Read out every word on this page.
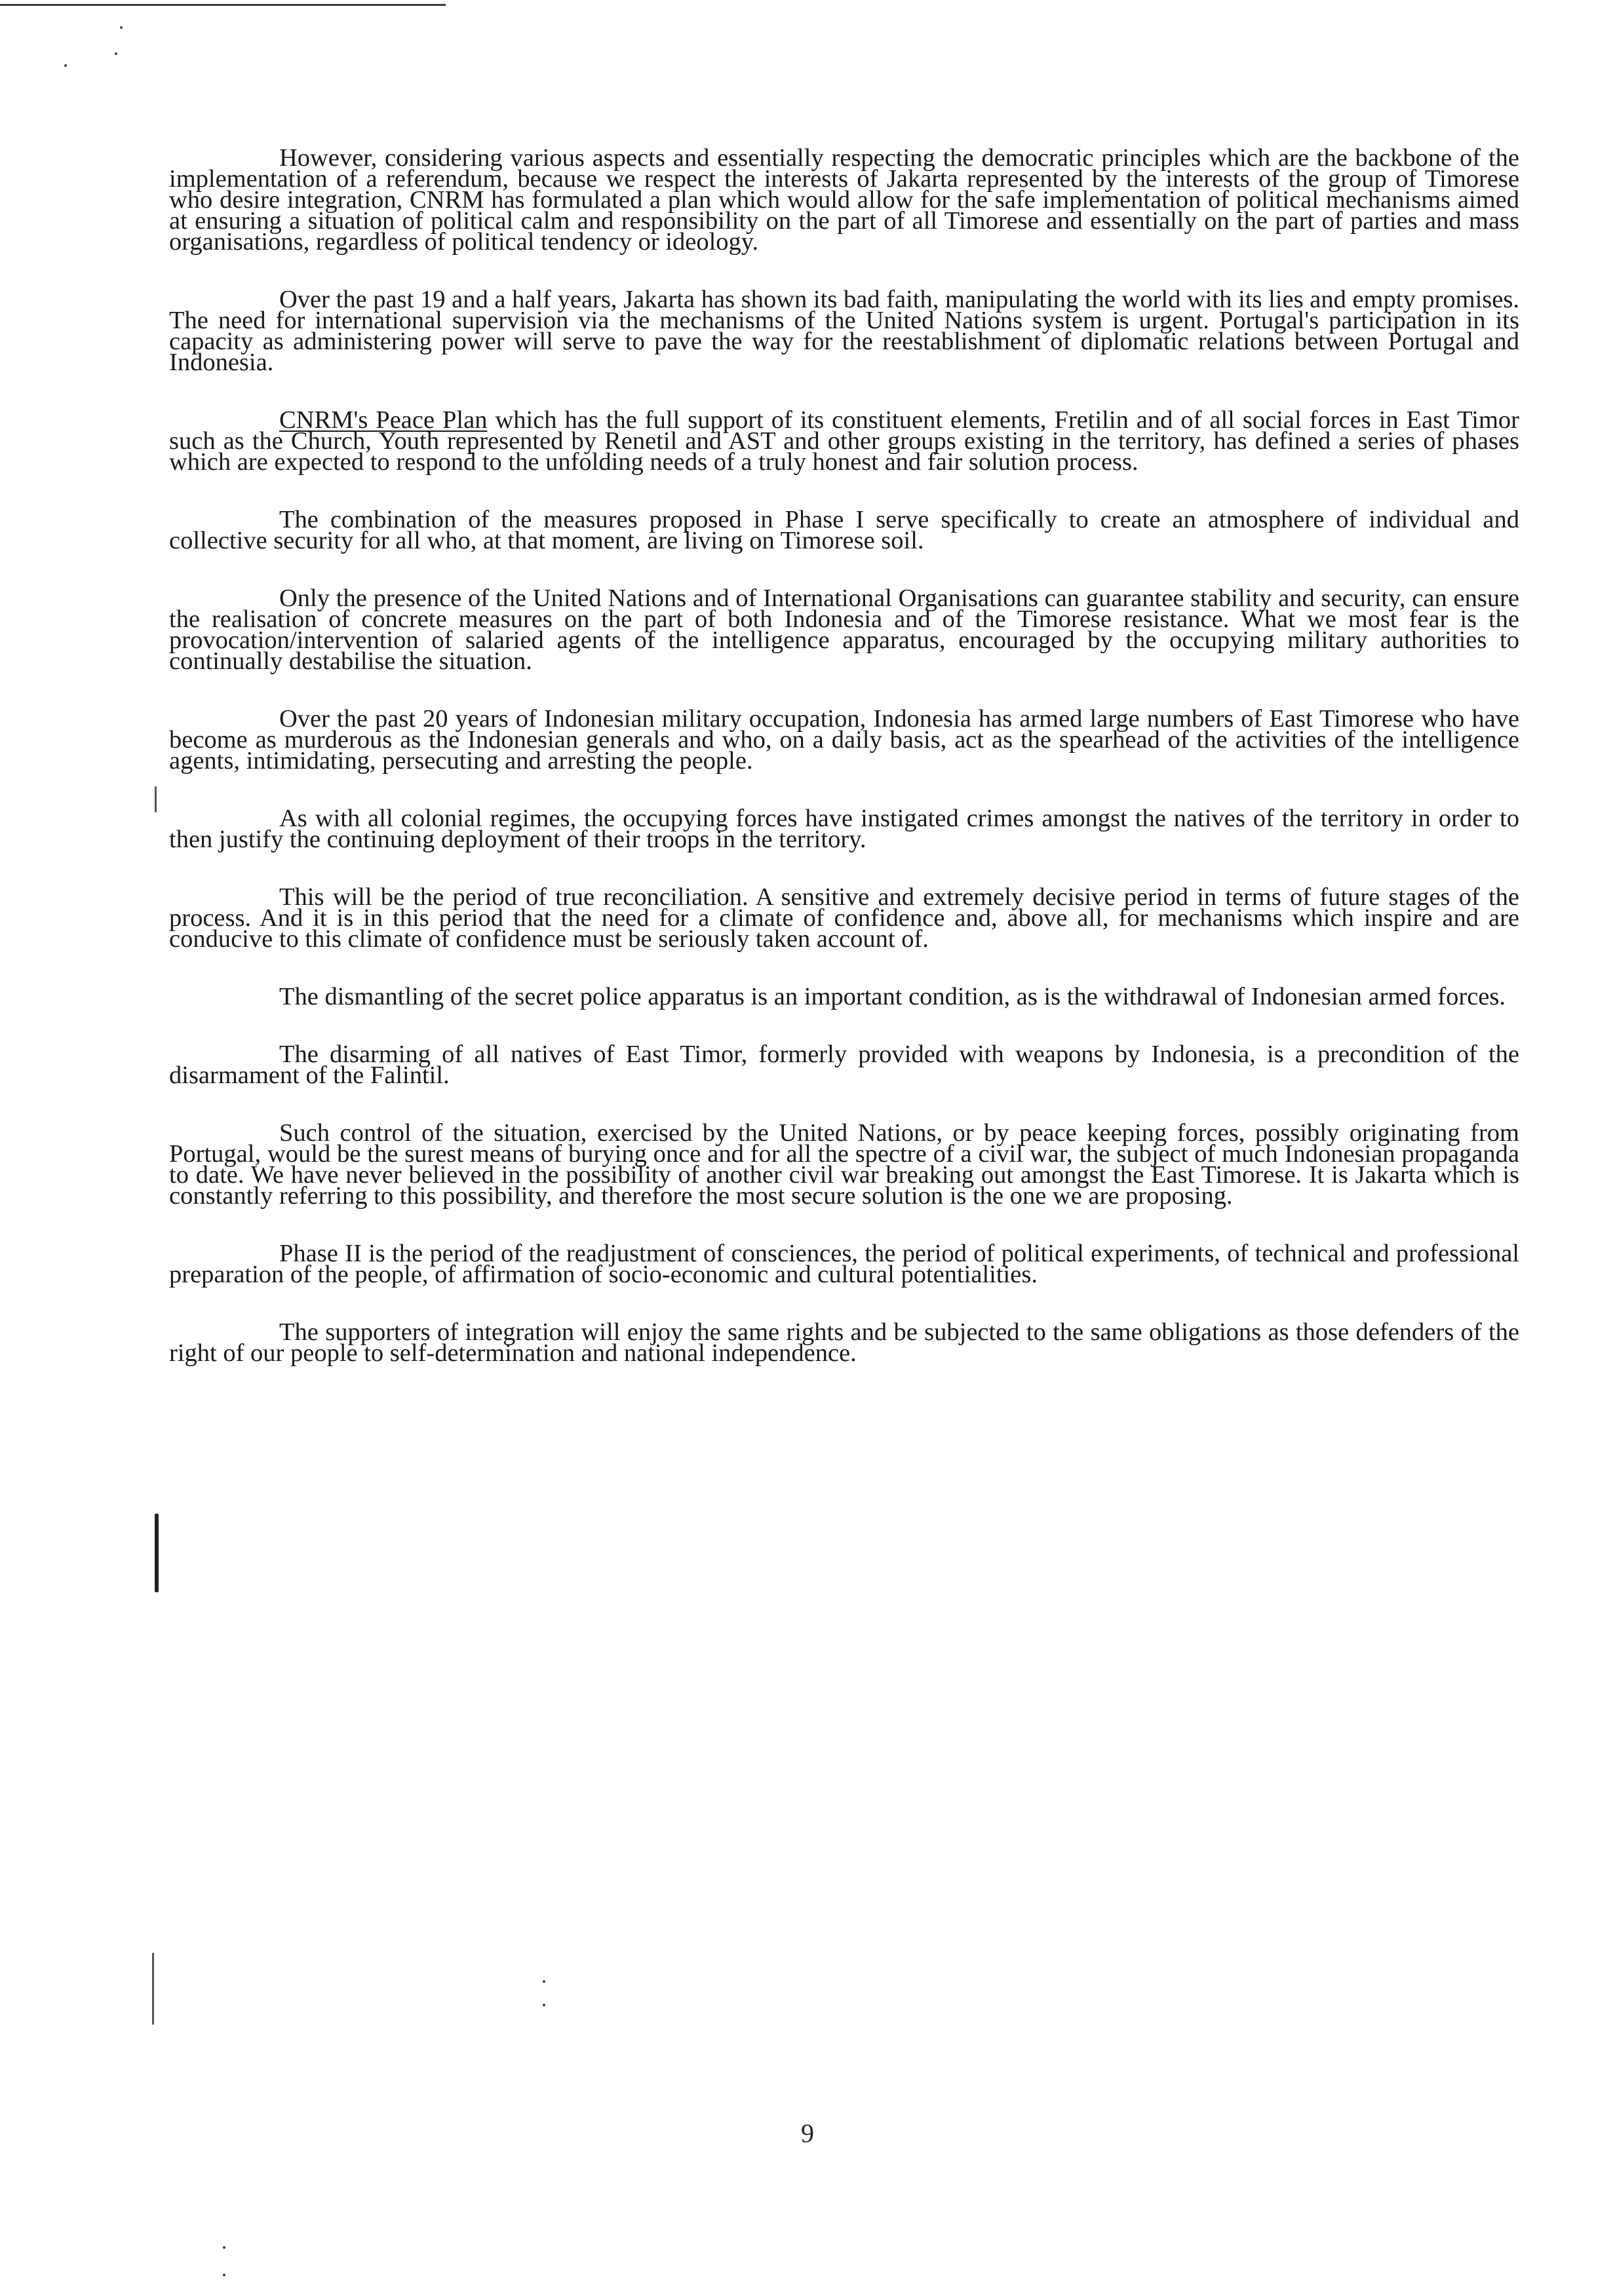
However, considering various aspects and essentially respecting the democratic principles which are the backbone of the implementation of a referendum, because we respect the interests of Jakarta represented by the interests of the group of Timorese who desire integration, CNRM has formulated a plan which would allow for the safe implementation of political mechanisms aimed at ensuring a situation of political calm and responsibility on the part of all Timorese and essentially on the part of parties and mass organisations, regardless of political tendency or ideology.

Over the past 19 and a half years, Jakarta has shown its bad faith, manipulating the world with its lies and empty promises. The need for international supervision via the mechanisms of the United Nations system is urgent. Portugal's participation in its capacity as administering power will serve to pave the way for the reestablishment of diplomatic relations between Portugal and Indonesia.

CNRM's Peace Plan which has the full support of its constituent elements, Fretilin and of all social forces in East Timor such as the Church, Youth represented by Renetil and AST and other groups existing in the territory, has defined a series of phases which are expected to respond to the unfolding needs of a truly honest and fair solution process.

The combination of the measures proposed in Phase I serve specifically to create an atmosphere of individual and collective security for all who, at that moment, are living on Timorese soil.

Only the presence of the United Nations and of International Organisations can guarantee stability and security, can ensure the realisation of concrete measures on the part of both Indonesia and of the Timorese resistance. What we most fear is the provocation/intervention of salaried agents of the intelligence apparatus, encouraged by the occupying military authorities to continually destabilise the situation.

Over the past 20 years of Indonesian military occupation, Indonesia has armed large numbers of East Timorese who have become as murderous as the Indonesian generals and who, on a daily basis, act as the spearhead of the activities of the intelligence agents, intimidating, persecuting and arresting the people.

As with all colonial regimes, the occupying forces have instigated crimes amongst the natives of the territory in order to then justify the continuing deployment of their troops in the territory.

This will be the period of true reconciliation. A sensitive and extremely decisive period in terms of future stages of the process. And it is in this period that the need for a climate of confidence and, above all, for mechanisms which inspire and are conducive to this climate of confidence must be seriously taken account of.

The dismantling of the secret police apparatus is an important condition, as is the withdrawal of Indonesian armed forces.

The disarming of all natives of East Timor, formerly provided with weapons by Indonesia, is a precondition of the disarmament of the Falintil.

Such control of the situation, exercised by the United Nations, or by peace keeping forces, possibly originating from Portugal, would be the surest means of burying once and for all the spectre of a civil war, the subject of much Indonesian propaganda to date. We have never believed in the possibility of another civil war breaking out amongst the East Timorese. It is Jakarta which is constantly referring to this possibility, and therefore the most secure solution is the one we are proposing.

Phase II is the period of the readjustment of consciences, the period of political experiments, of technical and professional preparation of the people, of affirmation of socio-economic and cultural potentialities.

The supporters of integration will enjoy the same rights and be subjected to the same obligations as those defenders of the right of our people to self-determination and national independence.

9
